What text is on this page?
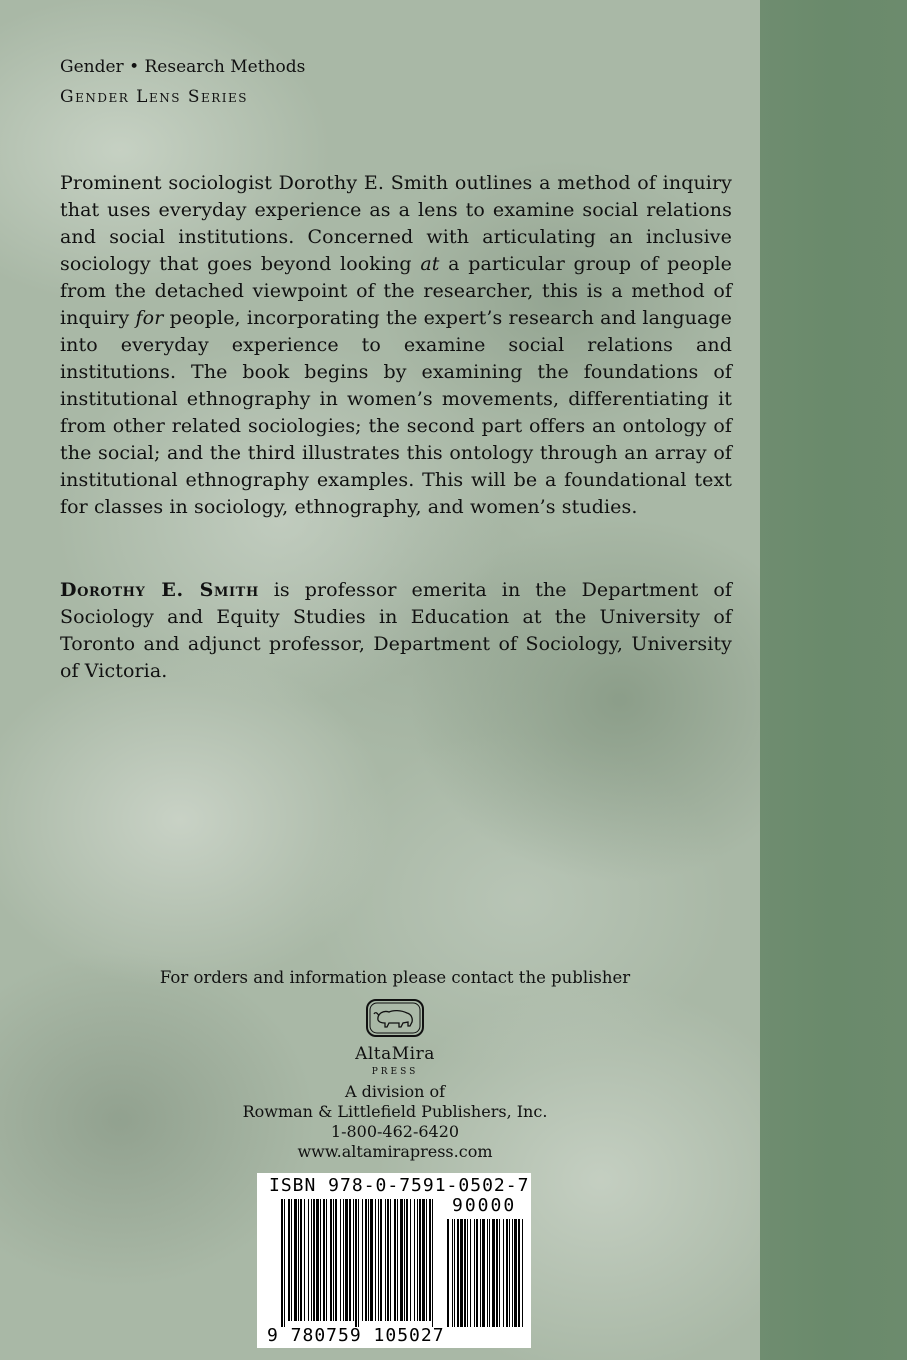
Gender • Research Methods
Gender Lens Series
Prominent sociologist Dorothy E. Smith outlines a method of inquiry that uses everyday experience as a lens to examine social relations and social institutions. Concerned with articulating an inclusive sociology that goes beyond looking at a particular group of people from the detached viewpoint of the researcher, this is a method of inquiry for people, incorporating the expert’s research and language into everyday experience to examine social relations and institutions. The book begins by examining the foundations of institutional ethnography in women’s movements, differentiating it from other related sociologies; the second part offers an ontology of the social; and the third illustrates this ontology through an array of institutional ethnography examples. This will be a foundational text for classes in sociology, ethnography, and women’s studies.
Dorothy E. Smith is professor emerita in the Department of Sociology and Equity Studies in Education at the University of Toronto and adjunct professor, Department of Sociology, University of Victoria.
For orders and information please contact the publisher
AltaMira
PRESS
A division of
Rowman & Littlefield Publishers, Inc.
1-800-462-6420
www.altamirapress.com
ISBN 978-0-7591-0502-7
90000
9 780759 105027
